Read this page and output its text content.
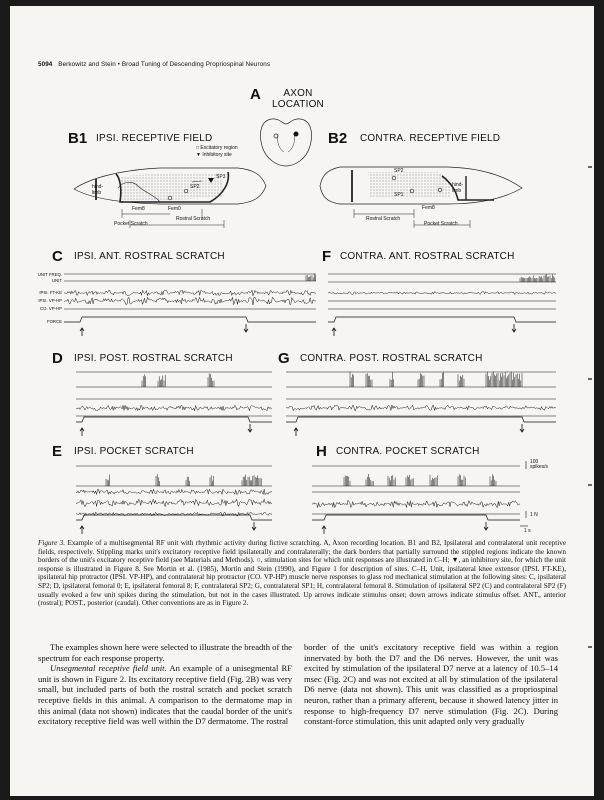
5094 Berkowitz and Stein • Broad Tuning of Descending Propriospinal Neurons
A	AXON
LOCATION
B1 IPSI. RECEPTIVE FIELD	B2 CONTRA. RECEPTIVE FIELD
□ Excitatory region
▼ Inhibitory site
hind-
limb
SP2
SP3
Fem8	Fem0
Pocket Scratch
Rostral Scratch
SP2
SP1
hind-
limb
Fem8
Rostral Scratch
Pocket Scratch
C IPSI. ANT. ROSTRAL SCRATCH	F CONTRA. ANT. ROSTRAL SCRATCH
D IPSI. POST. ROSTRAL SCRATCH	G CONTRA. POST. ROSTRAL SCRATCH
E IPSI. POCKET SCRATCH	H CONTRA. POCKET SCRATCH
UNIT FREQ.
UNIT
IPSI. FT-KE
IPSI. VP-HP
CO. VP-HP
FORCE
100
spikes/s
1 N
1 s
Figure 3. Example of a multisegmental RF unit with rhythmic activity during fictive scratching. A, Axon recording location. B1 and B2, Ipsilateral and contralateral unit receptive fields, respectively. Stippling marks unit's excitatory receptive field ipsilaterally and contralaterally; the dark borders that partially surround the stippled regions indicate the known borders of the unit's excitatory receptive field (see Materials and Methods). ○, stimulation sites for which unit responses are illustrated in C–H; ▼, an inhibitory site, for which the unit response is illustrated in Figure 8. See Mortin et al. (1985), Mortin and Stein (1990), and Figure 1 for description of sites. C–H, Unit, ipsilateral knee extensor (IPSI. FT-KE), ipsilateral hip protractor (IPSI. VP-HP), and contralateral hip protractor (CO. VP-HP) muscle nerve responses to glass rod mechanical stimulation at the following sites: C, ipsilateral SP2; D, ipsilateral femoral 0; E, ipsilateral femoral 8; F, contralateral SP2; G, contralateral SP1; H, contralateral femoral 8. Stimulation of ipsilateral SP2 (C) and contralateral SP2 (F) usually evoked a few unit spikes during the stimulation, but not in the cases illustrated. Up arrows indicate stimulus onset; down arrows indicate stimulus offset. ANT., anterior (rostral); POST., posterior (caudal). Other conventions are as in Figure 2.

The examples shown here were selected to illustrate the breadth of the spectrum for each response property.

Unsegmental receptive field unit. An example of a unisegmental RF unit is shown in Figure 2. Its excitatory receptive field (Fig. 2B) was very small, but included parts of both the rostral scratch and pocket scratch receptive fields in this animal. A comparison to the dermatome map in this animal (data not shown) indicates that the caudal border of the unit's excitatory receptive field was well within the D7 dermatome. The rostral

border of the unit's excitatory receptive field was within a region innervated by both the D7 and the D6 nerves. However, the unit was excited by stimulation of the ipsilateral D7 nerve at a latency of 10.5–14 msec (Fig. 2C) and was not excited at all by stimulation of the ipsilateral D6 nerve (data not shown). This unit was classified as a propriospinal neuron, rather than a primary afferent, because it showed latency jitter in response to high-frequency D7 nerve stimulation (Fig. 2C). During constant-force stimulation, this unit adapted only very gradually
